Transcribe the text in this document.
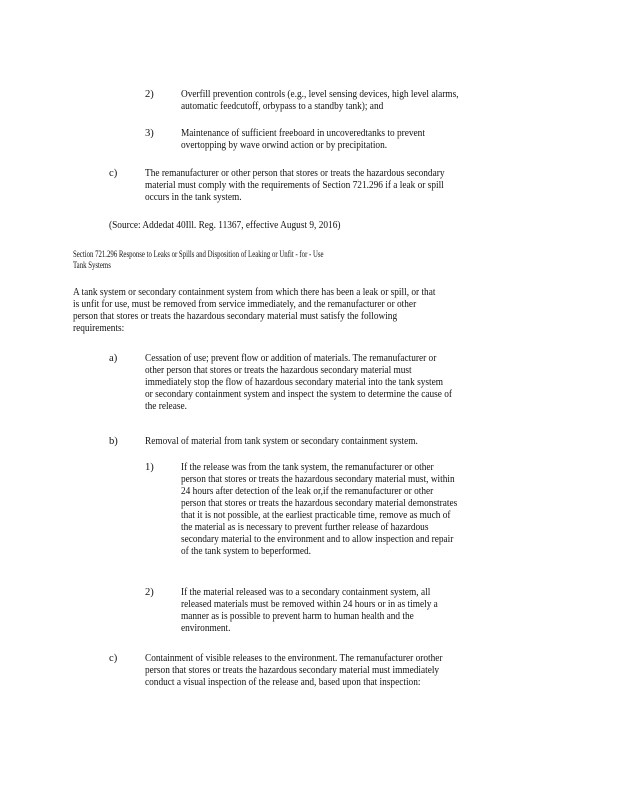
2)	Overfill prevention controls (e.g., level sensing devices, high level alarms,
automatic feedcutoff, orbypass to a standby tank); and
3)	Maintenance of sufficient freeboard in uncoveredtanks to prevent
overtopping by wave orwind action or by precipitation.
c)	The remanufacturer or other person that stores or treats the hazardous secondary
material must comply with the requirements of Section 721.296 if a leak or spill
occurs in the tank system.
(Source: Addedat 40Ill. Reg. 11367, effective August 9, 2016)
Section 721.296 Response to Leaks or Spills and Disposition of Leaking or Unfit - for - Use
Tank Systems
A tank system or secondary containment system from which there has been a leak or spill, or that
is unfit for use, must be removed from service immediately, and the remanufacturer or other
person that stores or treats the hazardous secondary material must satisfy the following
requirements:
a)	Cessation of use; prevent flow or addition of materials. The remanufacturer or
other person that stores or treats the hazardous secondary material must
immediately stop the flow of hazardous secondary material into the tank system
or secondary containment system and inspect the system to determine the cause of
the release.
b)	Removal of material from tank system or secondary containment system.
1)	If the release was from the tank system, the remanufacturer or other
person that stores or treats the hazardous secondary material must, within
24 hours after detection of the leak or,if the remanufacturer or other
person that stores or treats the hazardous secondary material demonstrates
that it is not possible, at the earliest practicable time, remove as much of
the material as is necessary to prevent further release of hazardous
secondary material to the environment and to allow inspection and repair
of the tank system to beperformed.
2)	If the material released was to a secondary containment system, all
released materials must be removed within 24 hours or in as timely a
manner as is possible to prevent harm to human health and the
environment.
c)	Containment of visible releases to the environment. The remanufacturer orother
person that stores or treats the hazardous secondary material must immediately
conduct a visual inspection of the release and, based upon that inspection:
